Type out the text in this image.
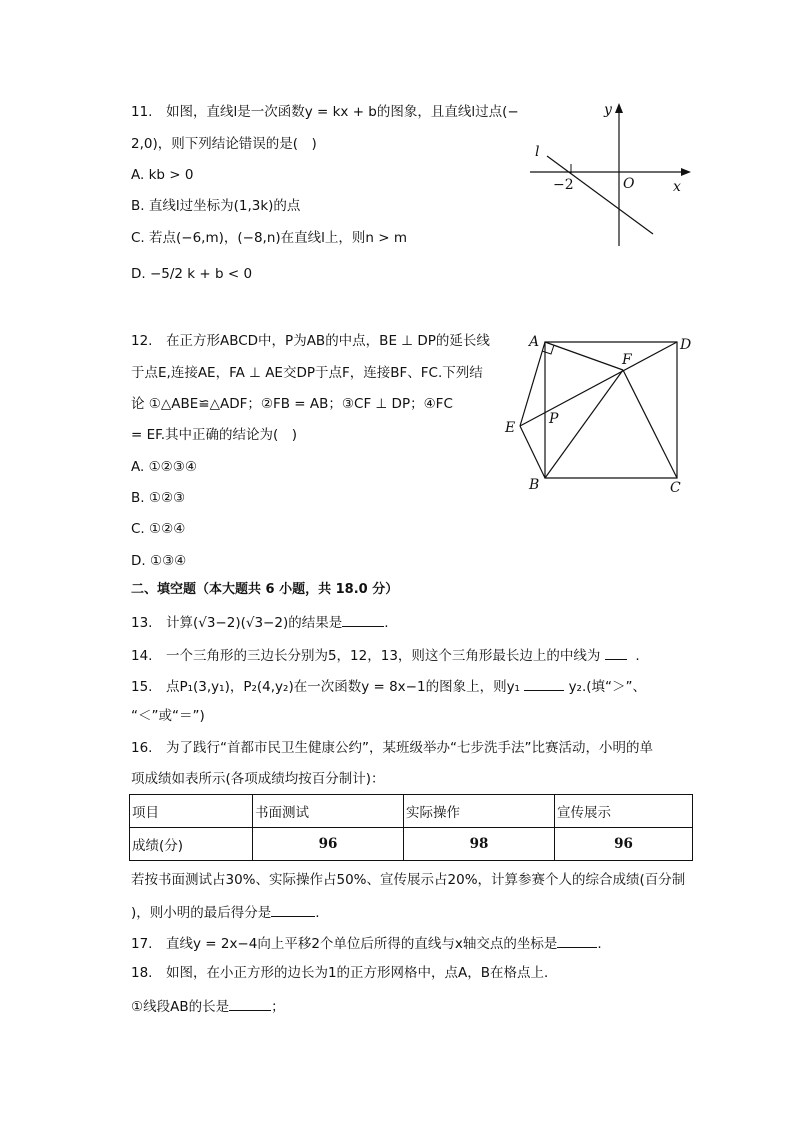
11.　如图，直线l是一次函数y = kx + b的图象，且直线l过点(−
2,0)，则下列结论错误的是(　)
A. kb > 0
B. 直线l过坐标为(1,3k)的点
C. 若点(−6,m)，(−8,n)在直线l上，则n > m
D. −5/2 k + b < 0
y
x
O
l
−2
12.　在正方形ABCD中，P为AB的中点，BE ⊥ DP的延长线
于点E,连接AE，FA ⊥ AE交DP于点F，连接BF、FC.下列结
论 ①△ABE≌△ADF；②FB = AB；③CF ⊥ DP；④FC
= EF.其中正确的结论为(　)
A. ①②③④
B. ①②③
C. ①②④
D. ①③④
A	D
F
P
E
B	C
二、填空题（本大题共 6 小题，共 18.0 分）
13.　计算(√3−2)(√3−2)的结果是	.
14.　一个三角形的三边长分别为5，12，13，则这个三角形最长边上的中线为	.
15.　点P₁(3,y₁)，P₂(4,y₂)在一次函数y = 8x−1的图象上，则y₁	y₂.(填“＞”、
“＜”或“＝”)
16.　为了践行“首都市民卫生健康公约”，某班级举办“七步洗手法”比赛活动，小明的单
项成绩如表所示(各项成绩均按百分制计)：
项目	书面测试	实际操作	宣传展示
成绩(分)	96	98	96
若按书面测试占30%、实际操作占50%、宣传展示占20%，计算参赛个人的综合成绩(百分制
)，则小明的最后得分是	.
17.　直线y = 2x−4向上平移2个单位后所得的直线与x轴交点的坐标是	.
18.　如图，在小正方形的边长为1的正方形网格中，点A，B在格点上．
①线段AB的长是	；
